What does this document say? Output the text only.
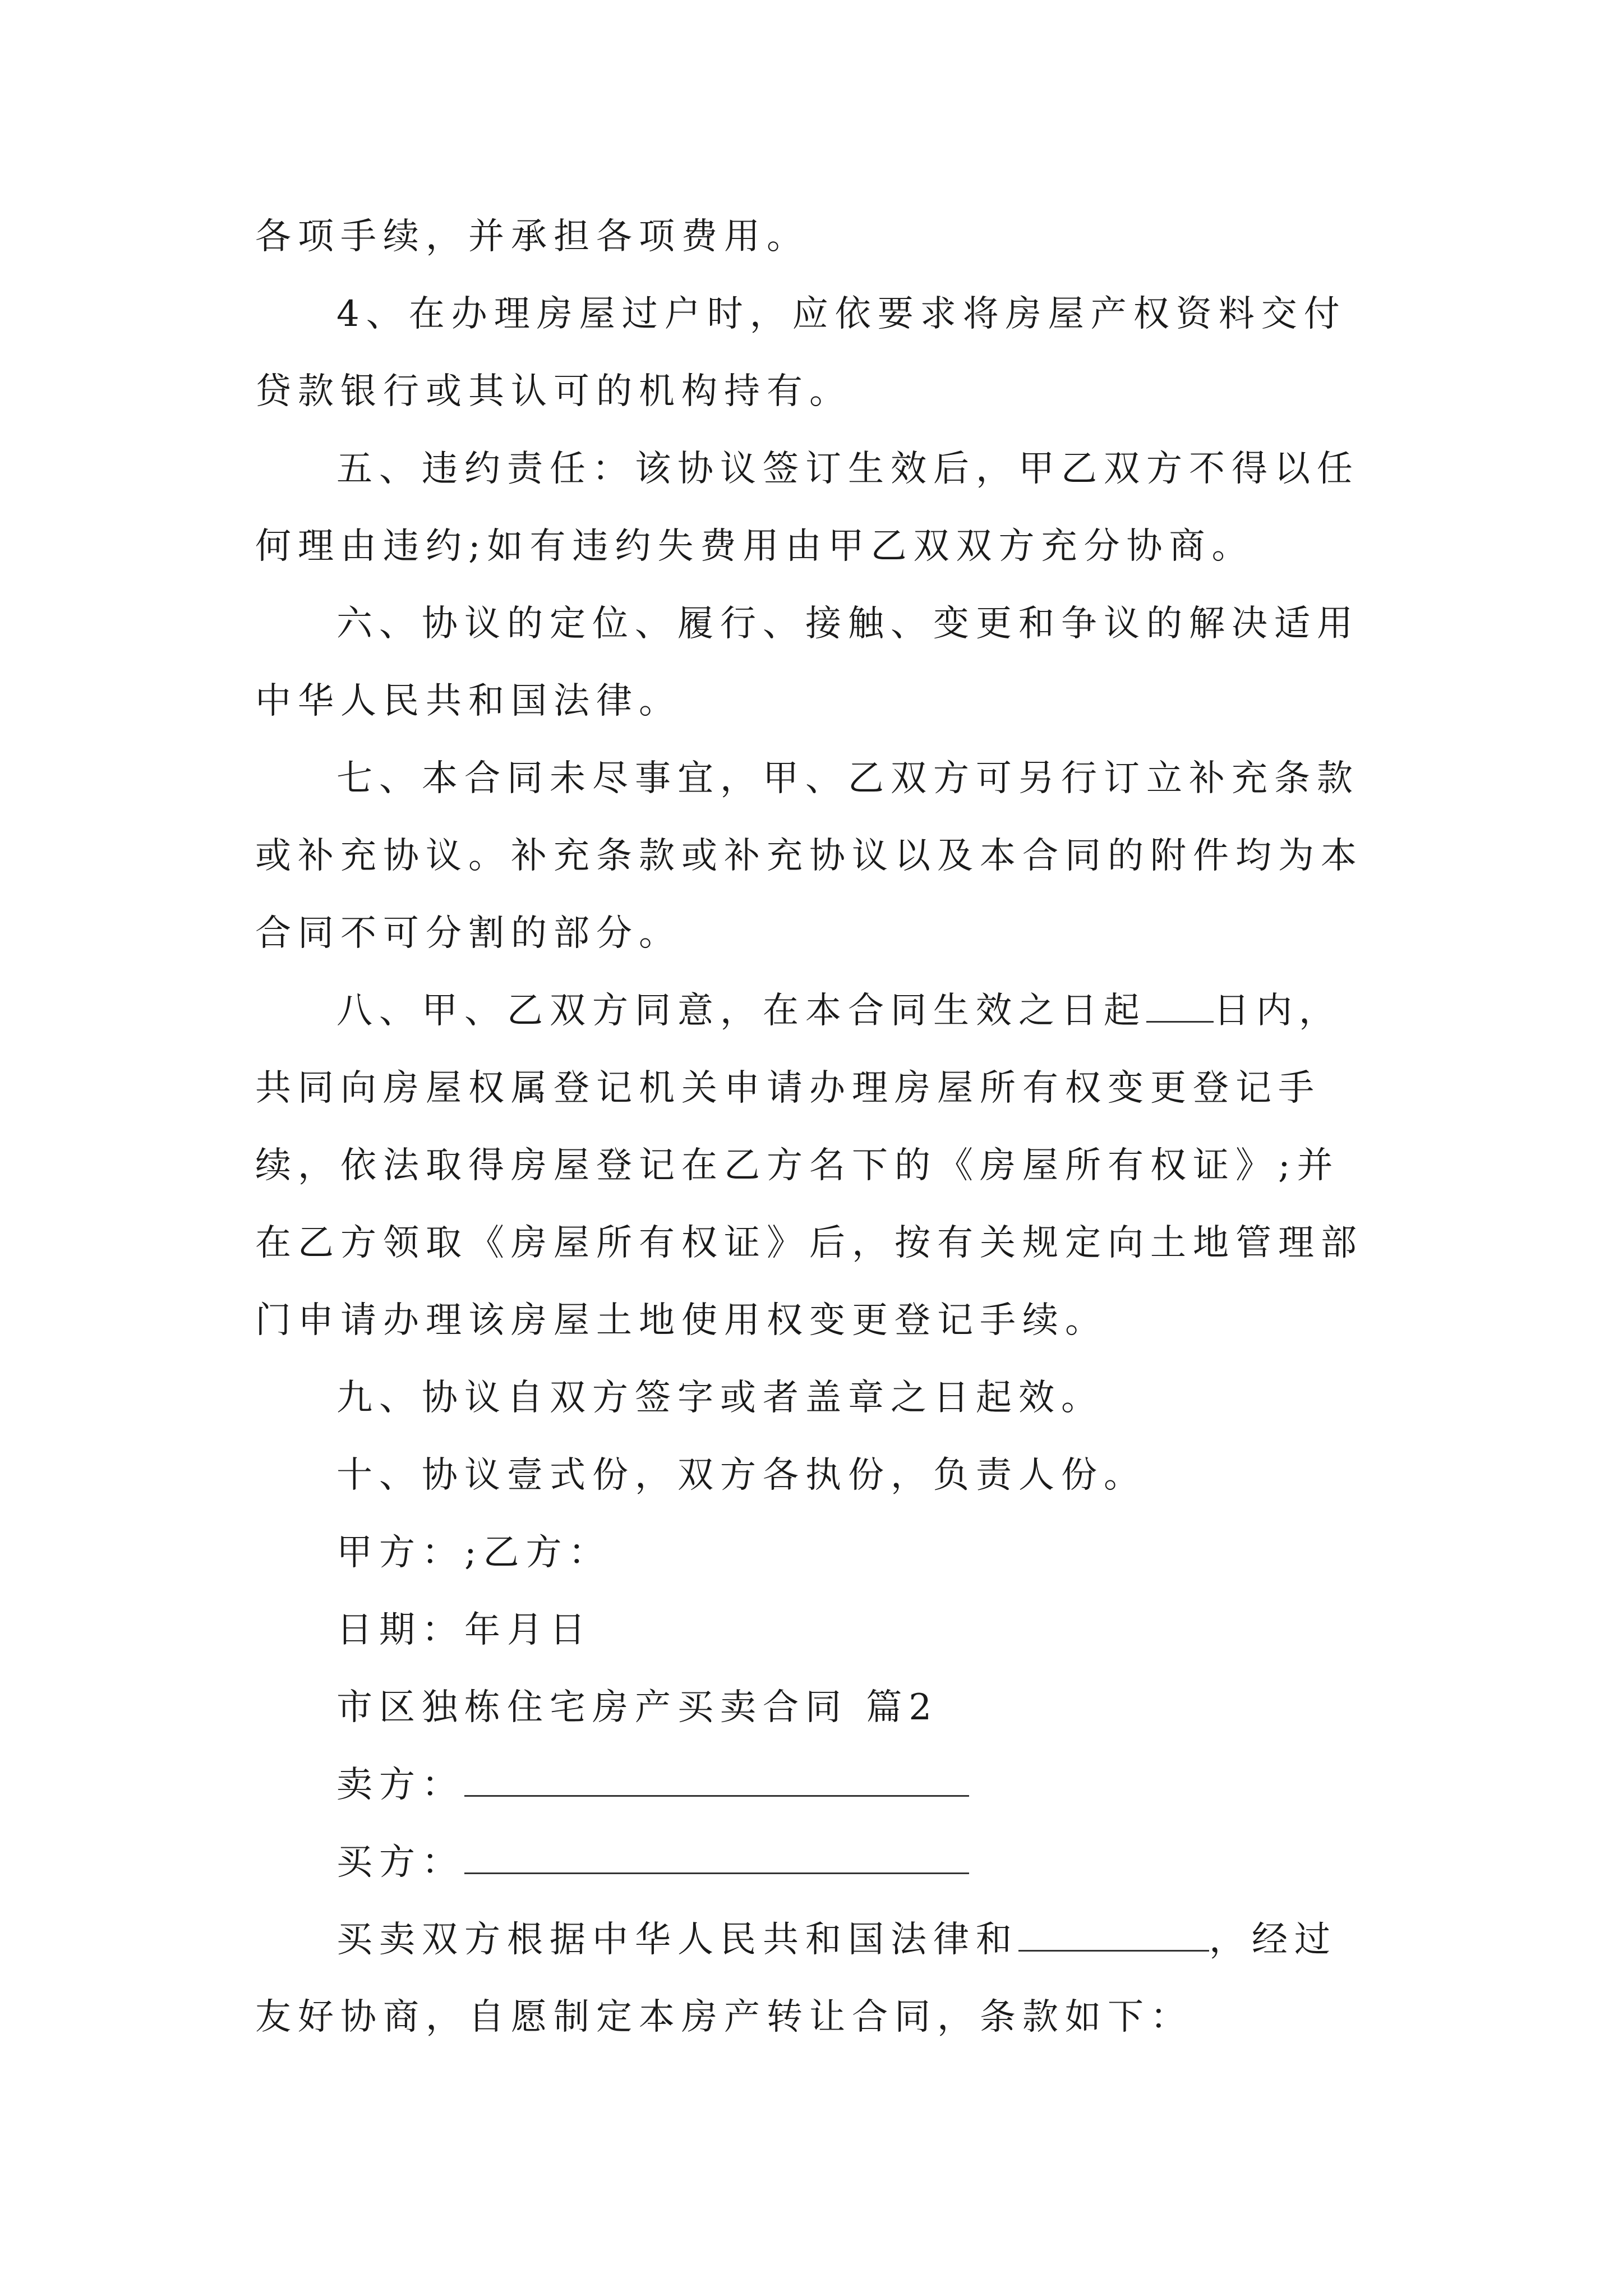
各项手续，并承担各项费用。
4、在办理房屋过户时，应依要求将房屋产权资料交付
贷款银行或其认可的机构持有。
五、违约责任：该协议签订生效后，甲乙双方不得以任
何理由违约;如有违约失费用由甲乙双双方充分协商。
六、协议的定位、履行、接触、变更和争议的解决适用
中华人民共和国法律。
七、本合同未尽事宜，甲、乙双方可另行订立补充条款
或补充协议。补充条款或补充协议以及本合同的附件均为本
合同不可分割的部分。
八、甲、乙双方同意，在本合同生效之日起 日内，
共同向房屋权属登记机关申请办理房屋所有权变更登记手
续，依法取得房屋登记在乙方名下的《房屋所有权证》;并
在乙方领取《房屋所有权证》后，按有关规定向土地管理部
门申请办理该房屋土地使用权变更登记手续。
九、协议自双方签字或者盖章之日起效。
十、协议壹式份，双方各执份，负责人份。
甲方：;乙方：
日期：年月日
市区独栋住宅房产买卖合同 篇2
卖方：
买方：
买卖双方根据中华人民共和国法律和	，经过
友好协商，自愿制定本房产转让合同，条款如下：
